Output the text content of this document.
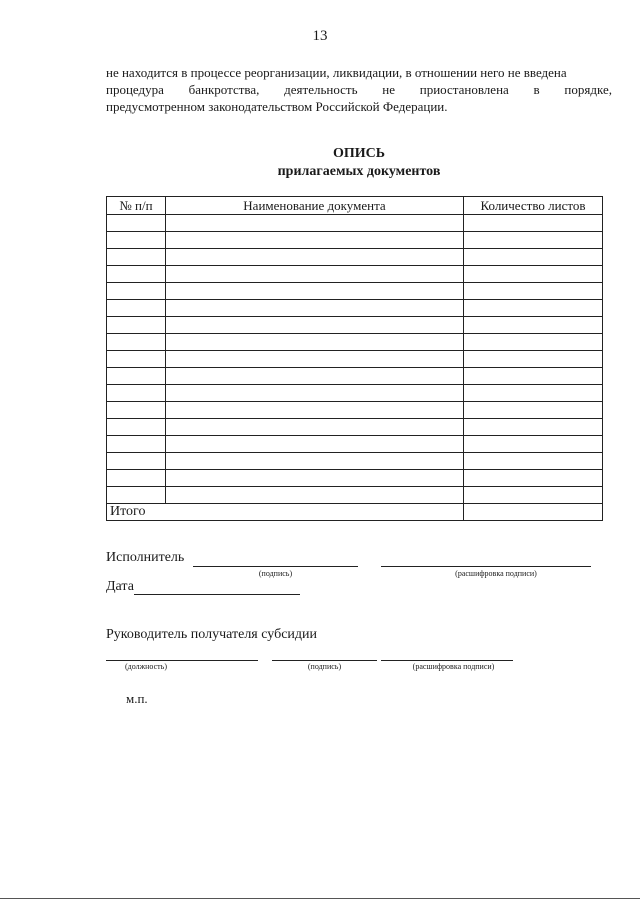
13
не находится в процессе реорганизации, ликвидации, в отношении него не введена
процедура банкротства, деятельность не приостановлена в порядке,
предусмотренном законодательством Российской Федерации.
ОПИСЬ
прилагаемых документов
№ п/п	Наименование документа	Количество листов

Итого		
Исполнитель
(подпись)	(расшифровка подписи)
Дата
Руководитель получателя субсидии
(должность)	(подпись)	(расшифровка подписи)
м.п.
